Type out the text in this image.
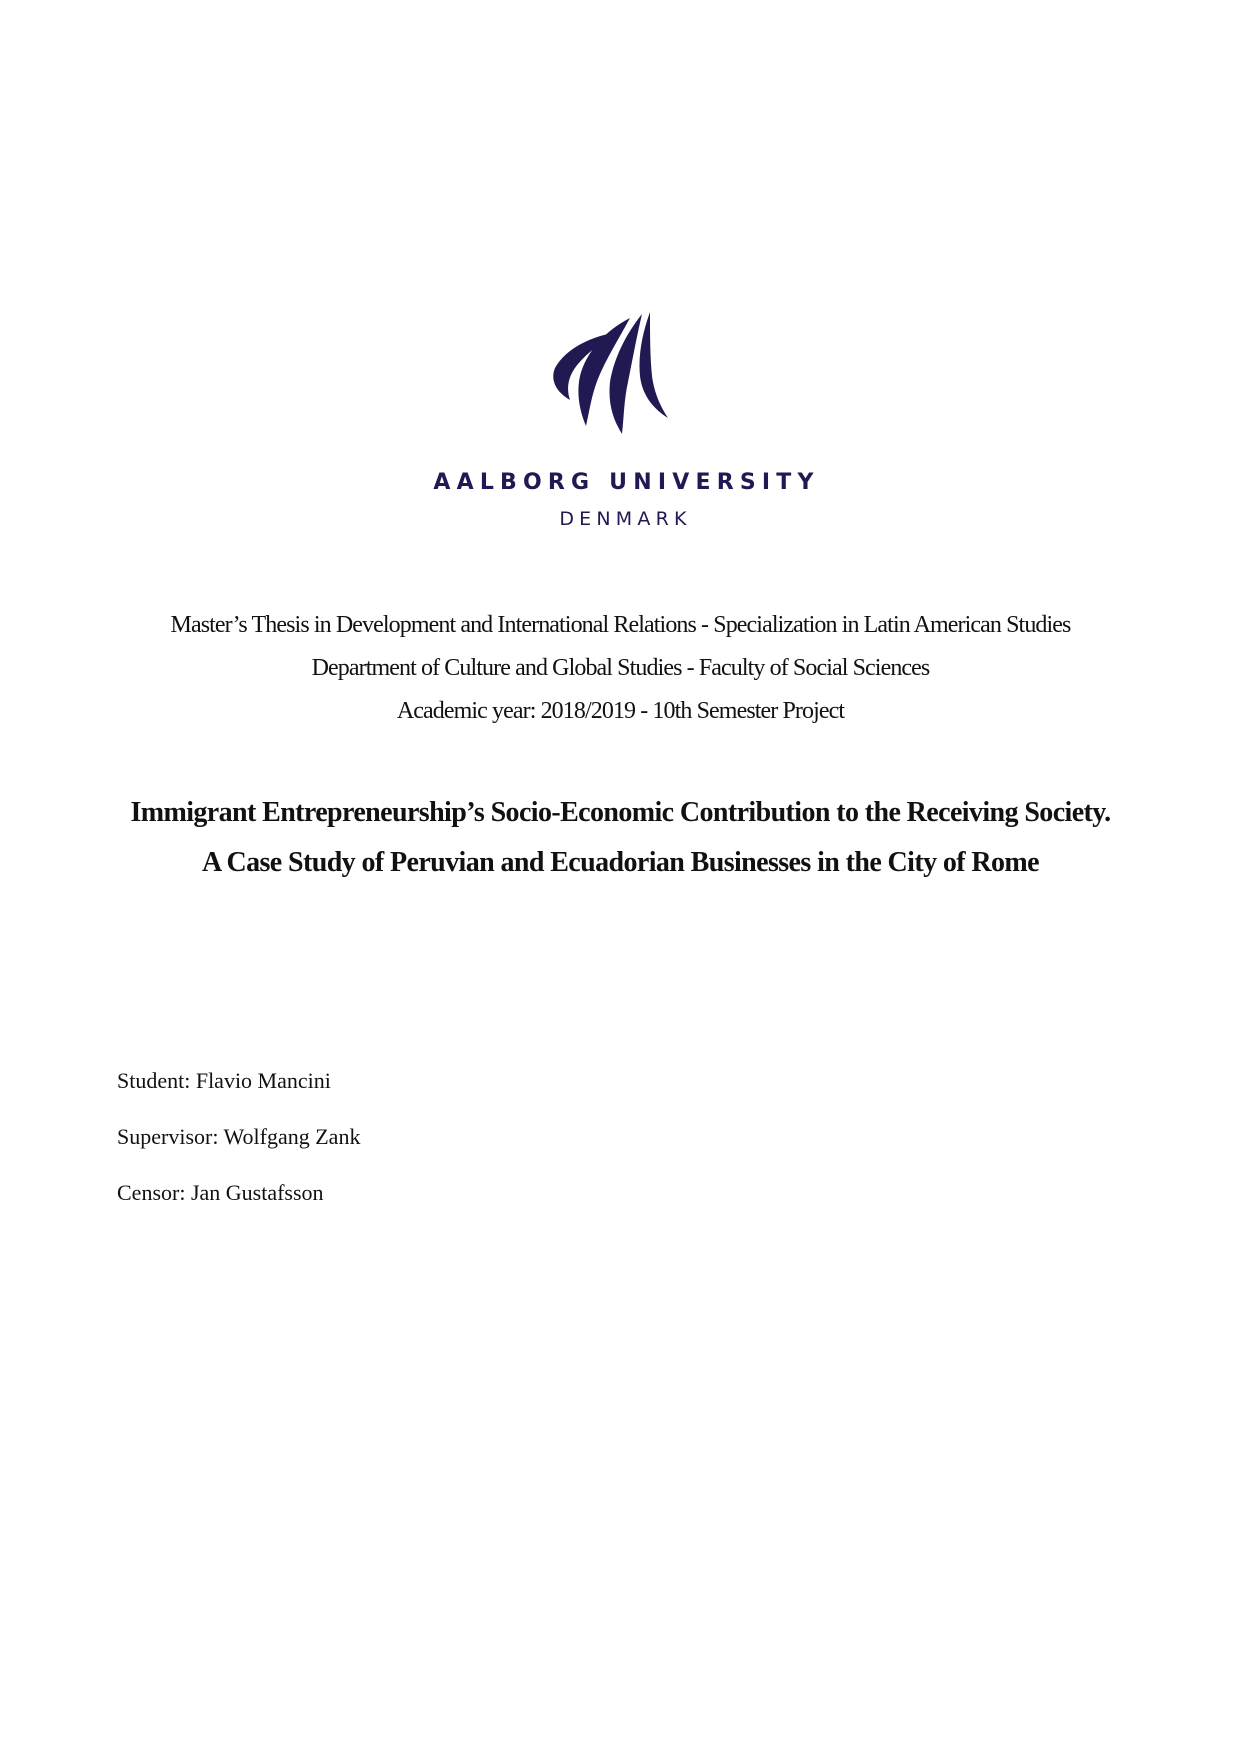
AALBORG UNIVERSITY
DENMARK
Master’s Thesis in Development and International Relations - Specialization in Latin American Studies
Department of Culture and Global Studies - Faculty of Social Sciences
Academic year: 2018/2019 - 10th Semester Project
Immigrant Entrepreneurship’s Socio-Economic Contribution to the Receiving Society.
A Case Study of Peruvian and Ecuadorian Businesses in the City of Rome
Student: Flavio Mancini
Supervisor: Wolfgang Zank
Censor: Jan Gustafsson
